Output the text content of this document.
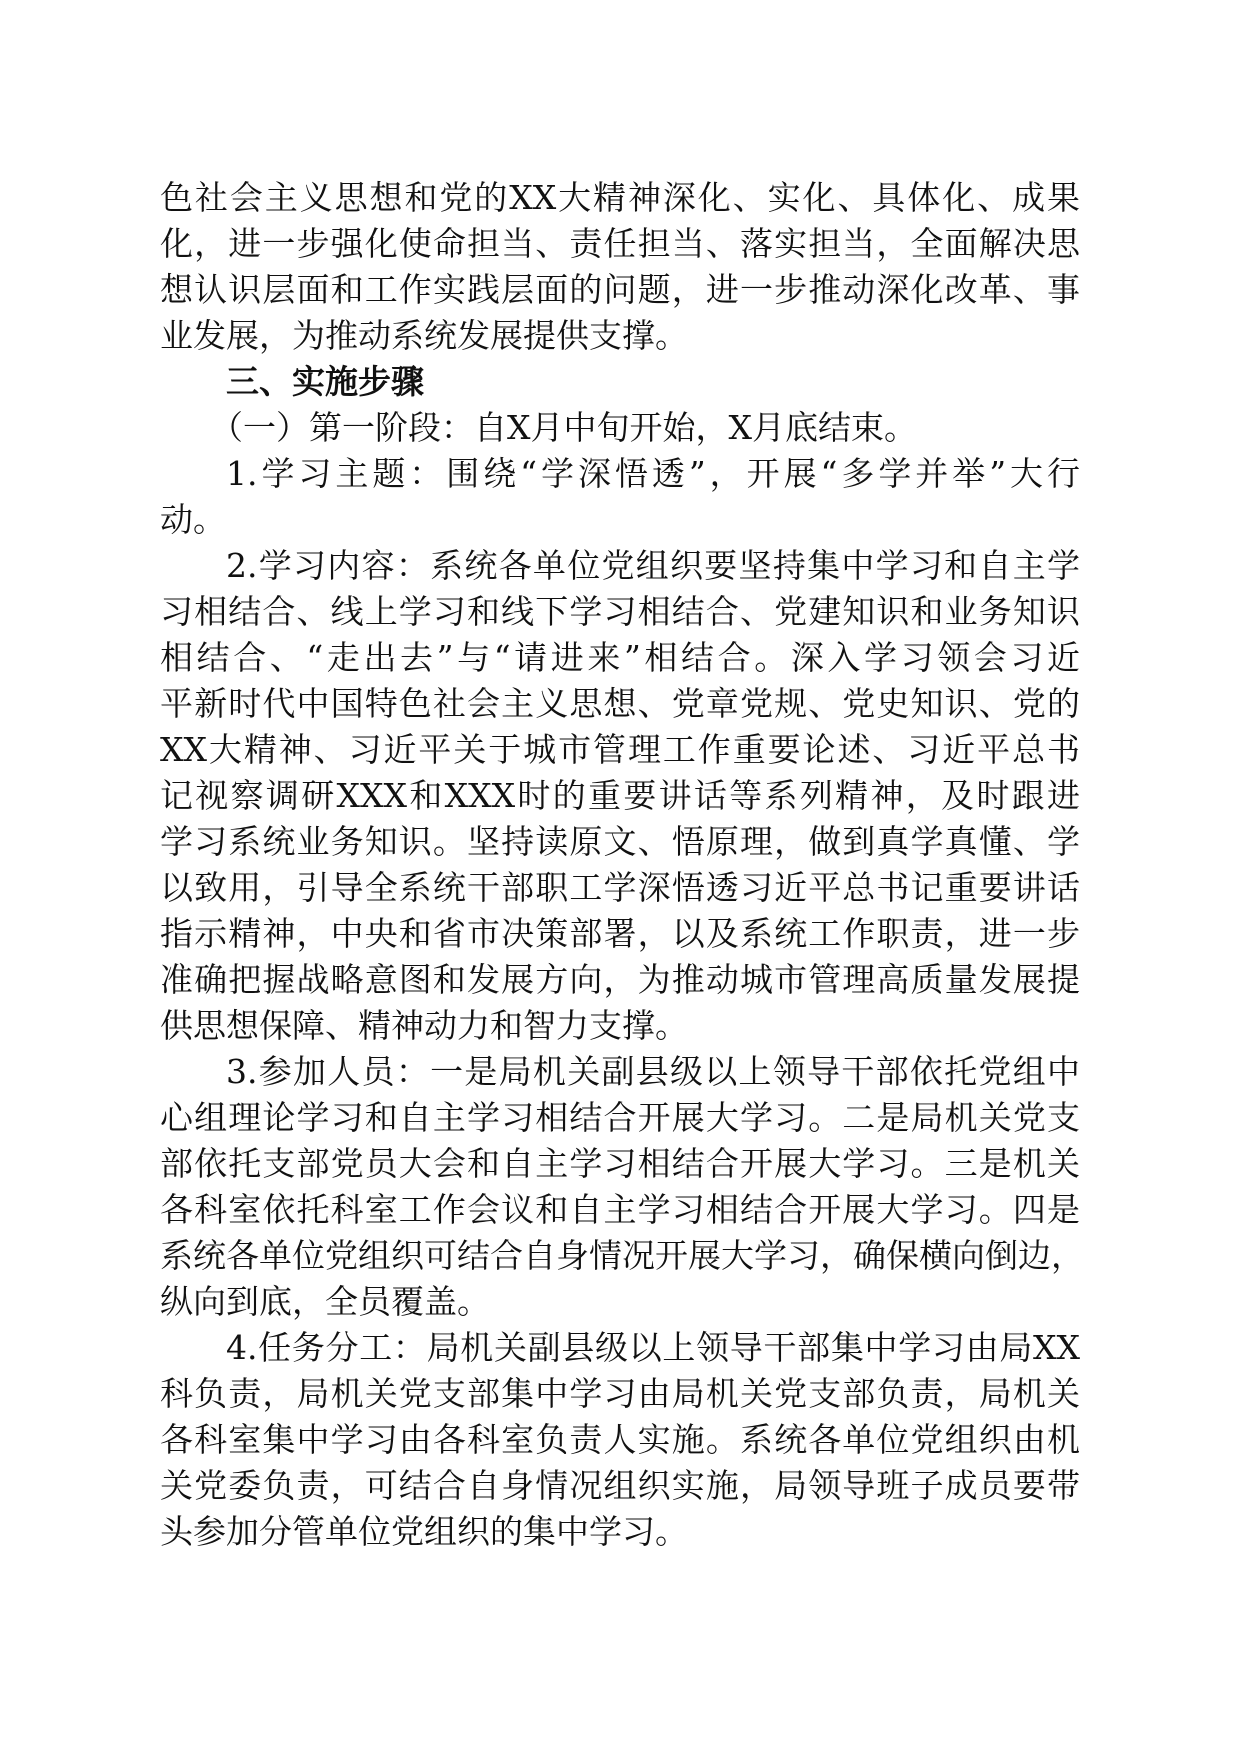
色社会主义思想和党的XX大精神深化、实化、具体化、成果
化，进一步强化使命担当、责任担当、落实担当，全面解决思
想认识层面和工作实践层面的问题，进一步推动深化改革、事
业发展，为推动系统发展提供支撑。
三、实施步骤
（一）第一阶段：自X月中旬开始，X月底结束。
1.学习主题：围绕“学深悟透”，开展“多学并举”大行
动。
2.学习内容：系统各单位党组织要坚持集中学习和自主学
习相结合、线上学习和线下学习相结合、党建知识和业务知识
相结合、“走出去”与“请进来”相结合。深入学习领会习近
平新时代中国特色社会主义思想、党章党规、党史知识、党的
XX大精神、习近平关于城市管理工作重要论述、习近平总书
记视察调研XXX和XXX时的重要讲话等系列精神，及时跟进
学习系统业务知识。坚持读原文、悟原理，做到真学真懂、学
以致用，引导全系统干部职工学深悟透习近平总书记重要讲话
指示精神，中央和省市决策部署，以及系统工作职责，进一步
准确把握战略意图和发展方向，为推动城市管理高质量发展提
供思想保障、精神动力和智力支撑。
3.参加人员：一是局机关副县级以上领导干部依托党组中
心组理论学习和自主学习相结合开展大学习。二是局机关党支
部依托支部党员大会和自主学习相结合开展大学习。三是机关
各科室依托科室工作会议和自主学习相结合开展大学习。四是
系统各单位党组织可结合自身情况开展大学习，确保横向倒边，
纵向到底，全员覆盖。
4.任务分工：局机关副县级以上领导干部集中学习由局XX
科负责，局机关党支部集中学习由局机关党支部负责，局机关
各科室集中学习由各科室负责人实施。系统各单位党组织由机
关党委负责，可结合自身情况组织实施，局领导班子成员要带
头参加分管单位党组织的集中学习。
